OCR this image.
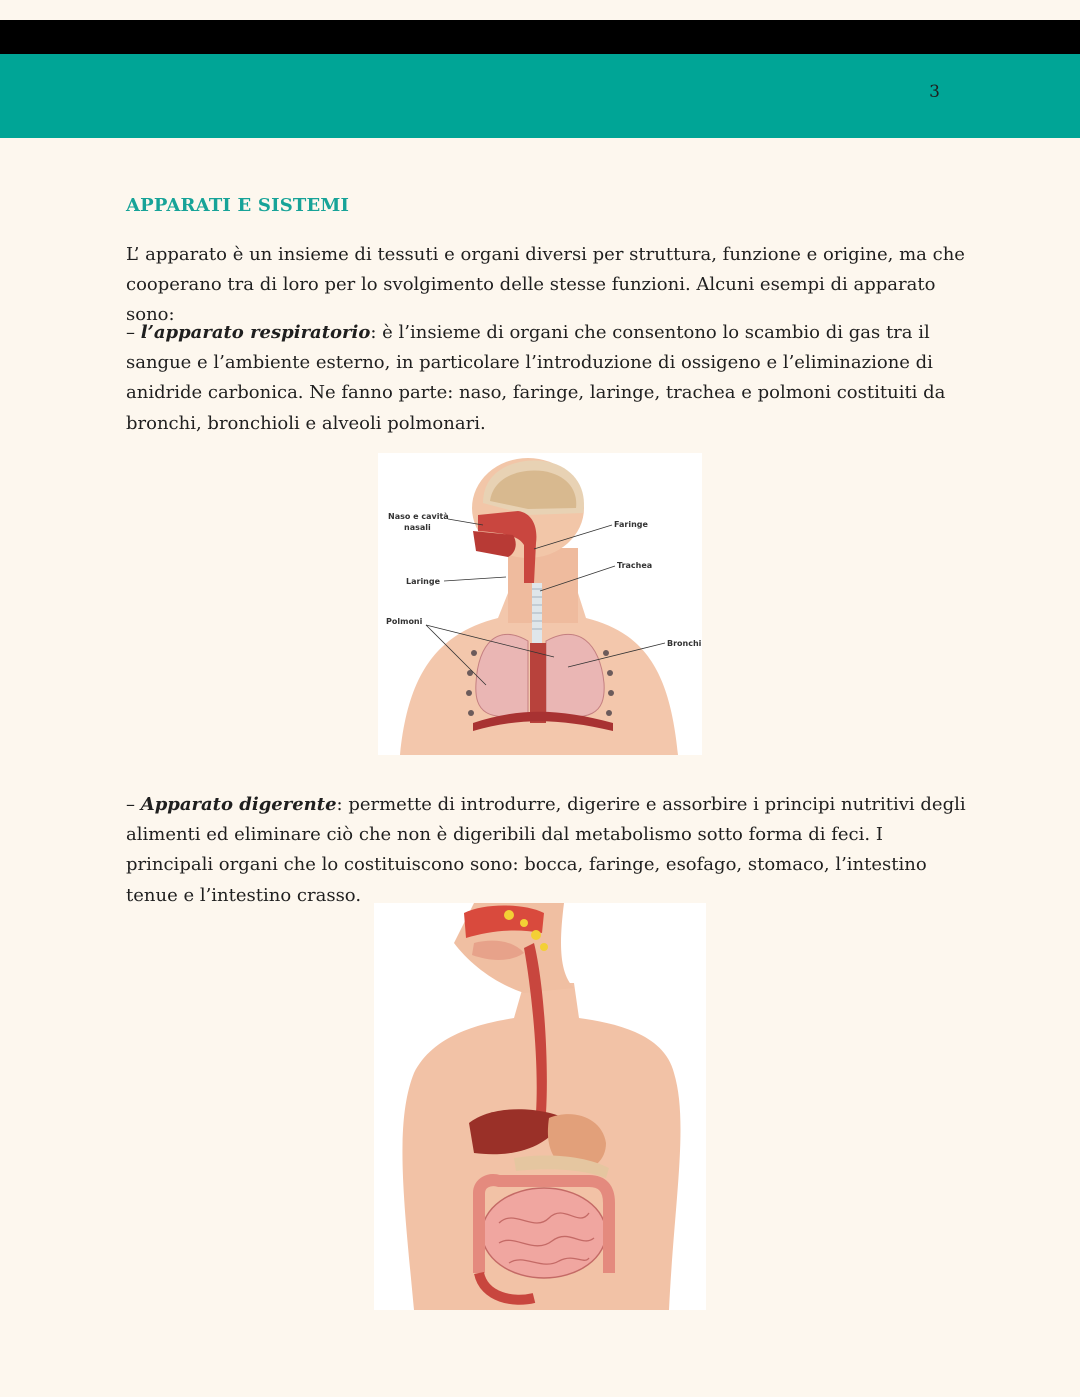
3
APPARATI E SISTEMI

L’ apparato è un insieme di tessuti e organi diversi per struttura, funzione e origine, ma che cooperano tra di loro per lo svolgimento delle stesse funzioni. Alcuni esempi di apparato sono:

– l’apparato respiratorio: è l’insieme di organi che consentono lo scambio di gas tra il sangue e l’ambiente esterno, in particolare l’introduzione di ossigeno e l’eliminazione di anidride carbonica. Ne fanno parte: naso, faringe, laringe, trachea e polmoni costituiti da bronchi, bronchioli e alveoli polmonari.

Naso e cavità
nasali	Faringe
Trachea
Laringe
Polmoni
Bronchi

– Apparato digerente: permette di introdurre, digerire e assorbire i principi nutritivi degli alimenti ed eliminare ciò che non è digeribili dal metabolismo sotto forma di feci. I principali organi che lo costituiscono sono: bocca, faringe, esofago, stomaco, l’intestino tenue e l’intestino crasso.
